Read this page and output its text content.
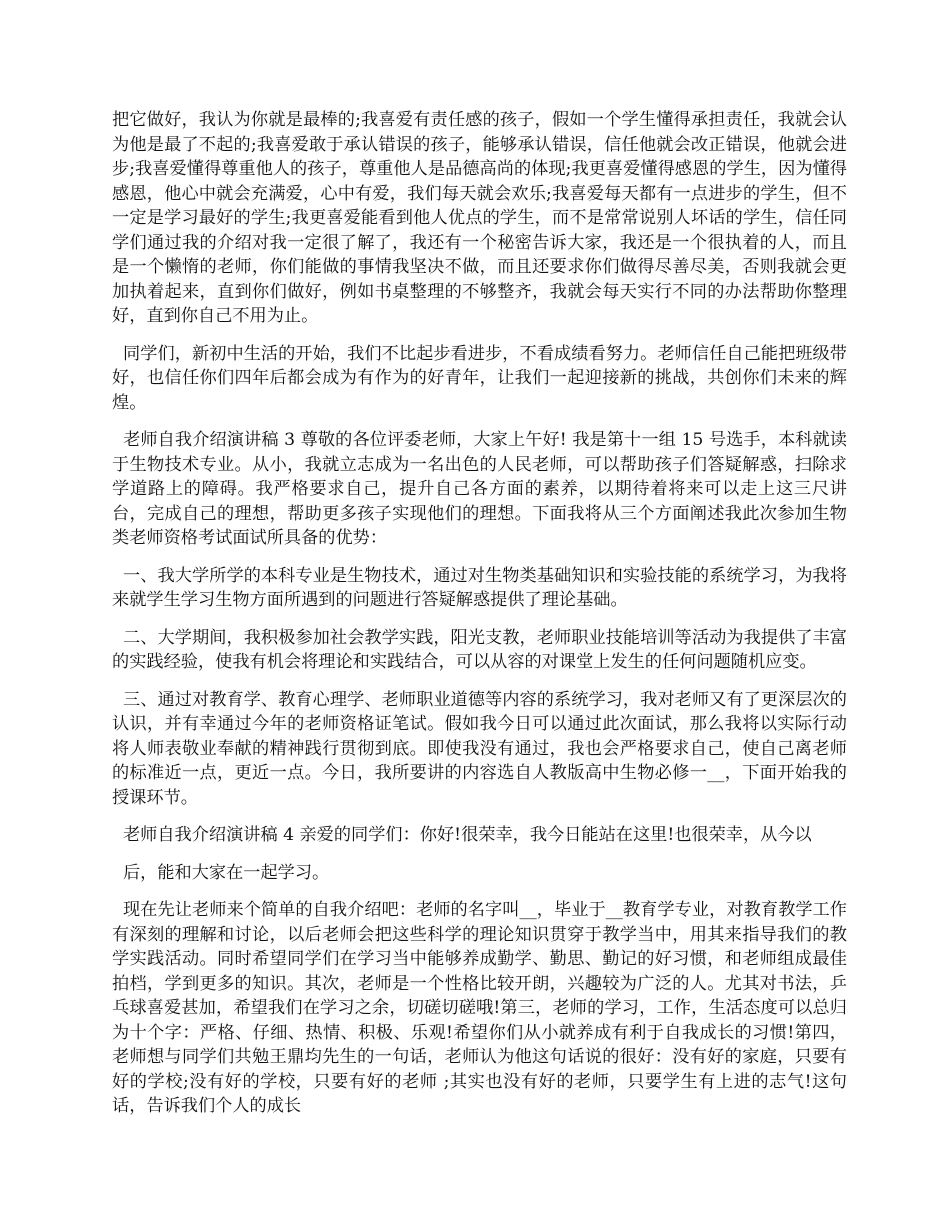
把它做好，我认为你就是最棒的;我喜爱有责任感的孩子，假如一个学生懂得承担责任，我就会认为他是最了不起的;我喜爱敢于承认错误的孩子，能够承认错误，信任他就会改正错误，他就会进步;我喜爱懂得尊重他人的孩子，尊重他人是品德高尚的体现;我更喜爱懂得感恩的学生，因为懂得感恩，他心中就会充满爱，心中有爱，我们每天就会欢乐;我喜爱每天都有一点进步的学生，但不一定是学习最好的学生;我更喜爱能看到他人优点的学生，而不是常常说别人坏话的学生，信任同学们通过我的介绍对我一定很了解了，我还有一个秘密告诉大家，我还是一个很执着的人，而且是一个懒惰的老师，你们能做的事情我坚决不做，而且还要求你们做得尽善尽美，否则我就会更加执着起来，直到你们做好，例如书桌整理的不够整齐，我就会每天实行不同的办法帮助你整理好，直到你自己不用为止。

同学们，新初中生活的开始，我们不比起步看进步，不看成绩看努力。老师信任自己能把班级带好，也信任你们四年后都会成为有作为的好青年，让我们一起迎接新的挑战，共创你们未来的辉煌。

老师自我介绍演讲稿 3 尊敬的各位评委老师，大家上午好! 我是第十一组 15 号选手，本科就读于生物技术专业。从小，我就立志成为一名出色的人民老师，可以帮助孩子们答疑解惑，扫除求学道路上的障碍。我严格要求自己，提升自己各方面的素养，以期待着将来可以走上这三尺讲台，完成自己的理想，帮助更多孩子实现他们的理想。下面我将从三个方面阐述我此次参加生物类老师资格考试面试所具备的优势：

一、我大学所学的本科专业是生物技术，通过对生物类基础知识和实验技能的系统学习，为我将来就学生学习生物方面所遇到的问题进行答疑解惑提供了理论基础。

二、大学期间，我积极参加社会教学实践，阳光支教，老师职业技能培训等活动为我提供了丰富的实践经验，使我有机会将理论和实践结合，可以从容的对课堂上发生的任何问题随机应变。

三、通过对教育学、教育心理学、老师职业道德等内容的系统学习，我对老师又有了更深层次的认识，并有幸通过今年的老师资格证笔试。假如我今日可以通过此次面试，那么我将以实际行动将人师表敬业奉献的精神践行贯彻到底。即使我没有通过，我也会严格要求自己，使自己离老师的标准近一点，更近一点。今日，我所要讲的内容选自人教版高中生物必修一__，下面开始我的授课环节。

老师自我介绍演讲稿 4 亲爱的同学们：你好!很荣幸，我今日能站在这里!也很荣幸，从今以

后，能和大家在一起学习。

现在先让老师来个简单的自我介绍吧：老师的名字叫__，毕业于__教育学专业，对教育教学工作有深刻的理解和讨论，以后老师会把这些科学的理论知识贯穿于教学当中，用其来指导我们的教学实践活动。同时希望同学们在学习当中能够养成勤学、勤思、勤记的好习惯，和老师组成最佳拍档，学到更多的知识。其次，老师是一个性格比较开朗，兴趣较为广泛的人。尤其对书法，乒乓球喜爱甚加，希望我们在学习之余，切磋切磋哦!第三，老师的学习，工作，生活态度可以总归为十个字：严格、仔细、热情、积极、乐观!希望你们从小就养成有利于自我成长的习惯!第四，老师想与同学们共勉王鼎均先生的一句话，老师认为他这句话说的很好：没有好的家庭，只要有好的学校;没有好的学校，只要有好的老师 ;其实也没有好的老师，只要学生有上进的志气!这句话，告诉我们个人的成长
